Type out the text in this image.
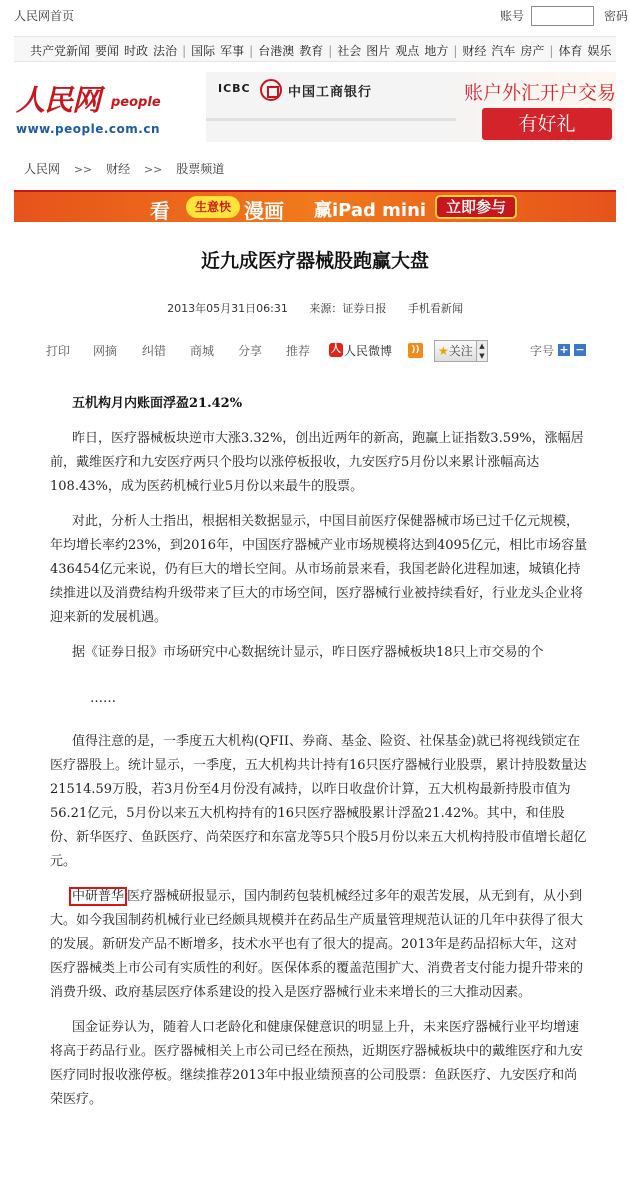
人民网首页	账号	密码
共产党新闻 要闻 时政 法治 | 国际 军事 | 台港澳 教育 | 社会 图片 观点 地方 | 财经 汽车 房产 | 体育 娱乐
人民网 people
www.people.com.cn
ICBC	中国工商银行	账户外汇开户交易
有好礼
人民网 >> 财经 >> 股票频道
看	生意快 漫画 赢iPad mini	立即参与
近九成医疗器械股跑赢大盘
2013年05月31日06:31 来源：证券日报 手机看新闻
打印 网摘 纠错 商城 分享 推荐 人 人民微博	))	★关注 ▲
▼	字号 + −
五机构月内账面浮盈21.42%

昨日，医疗器械板块逆市大涨3.32%，创出近两年的新高，跑赢上证指数3.59%，涨幅居前，戴维医疗和九安医疗两只个股均以涨停板报收，九安医疗5月份以来累计涨幅高达108.43%，成为医药机械行业5月份以来最牛的股票。

对此，分析人士指出，根据相关数据显示，中国目前医疗保健器械市场已过千亿元规模，年均增长率约23%，到2016年，中国医疗器械产业市场规模将达到4095亿元，相比市场容量436454亿元来说，仍有巨大的增长空间。从市场前景来看，我国老龄化进程加速，城镇化持续推进以及消费结构升级带来了巨大的市场空间，医疗器械行业被持续看好，行业龙头企业将迎来新的发展机遇。

据《证券日报》市场研究中心数据统计显示，昨日医疗器械板块18只上市交易的个

……

值得注意的是，一季度五大机构(QFII、券商、基金、险资、社保基金)就已将视线锁定在医疗器股上。统计显示，一季度，五大机构共计持有16只医疗器械行业股票，累计持股数量达21514.59万股，若3月份至4月份没有减持，以昨日收盘价计算，五大机构最新持股市值为56.21亿元，5月份以来五大机构持有的16只医疗器械股累计浮盈21.42%。其中，和佳股份、新华医疗、鱼跃医疗、尚荣医疗和东富龙等5只个股5月份以来五大机构持股市值增长超亿元。

中研普华 医疗器械研报显示，国内制药包装机械经过多年的艰苦发展，从无到有，从小到大。如今我国制药机械行业已经颇具规模并在药品生产质量管理规范认证的几年中获得了很大的发展。新研发产品不断增多，技术水平也有了很大的提高。2013年是药品招标大年，这对医疗器械类上市公司有实质性的利好。医保体系的覆盖范围扩大、消费者支付能力提升带来的消费升级、政府基层医疗体系建设的投入是医疗器械行业未来增长的三大推动因素。

国金证券认为，随着人口老龄化和健康保健意识的明显上升，未来医疗器械行业平均增速将高于药品行业。医疗器械相关上市公司已经在预热，近期医疗器械板块中的戴维医疗和九安医疗同时报收涨停板。继续推荐2013年中报业绩预喜的公司股票：鱼跃医疗、九安医疗和尚荣医疗。
